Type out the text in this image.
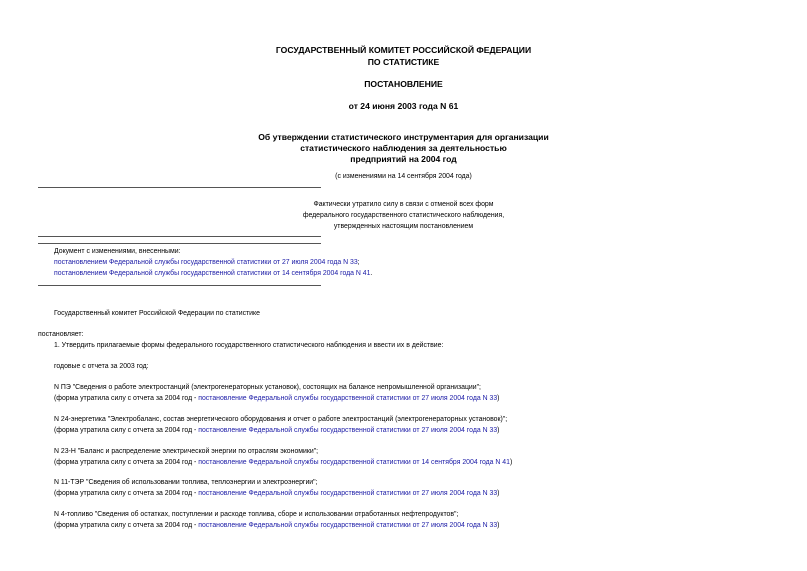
ГОСУДАРСТВЕННЫЙ КОМИТЕТ РОССИЙСКОЙ ФЕДЕРАЦИИ
ПО СТАТИСТИКЕ
ПОСТАНОВЛЕНИЕ
от 24 июня 2003 года N 61
Об утверждении статистического инструментария для организации
статистического наблюдения за деятельностью
предприятий на 2004 год
(с изменениями на 14 сентября 2004 года)
Фактически утратило силу в связи с отменой всех форм
федерального государственного статистического наблюдения,
утвержденных настоящим постановлением
Документ с изменениями, внесенными:
постановлением Федеральной службы государственной статистики от 27 июля 2004 года N 33;
постановлением Федеральной службы государственной статистики от 14 сентября 2004 года N 41.
Государственный комитет Российской Федерации по статистике
постановляет:
1. Утвердить прилагаемые формы федерального государственного статистического наблюдения и ввести их в действие:
годовые с отчета за 2003 год:
N ПЭ "Сведения о работе электростанций (электрогенераторных установок), состоящих на балансе непромышленной организации";
(форма утратила силу с отчета за 2004 год - постановление Федеральной службы государственной статистики от 27 июля 2004 года N 33)
N 24-энергетика "Электробаланс, состав энергетического оборудования и отчет о работе электростанций (электрогенераторных установок)";
(форма утратила силу с отчета за 2004 год - постановление Федеральной службы государственной статистики от 27 июля 2004 года N 33)
N 23-Н "Баланс и распределение электрической энергии по отраслям экономики";
(форма утратила силу с отчета за 2004 год - постановление Федеральной службы государственной статистики от 14 сентября 2004 года N 41)
N 11-ТЭР "Сведения об использовании топлива, теплоэнергии и электроэнергии";
(форма утратила силу с отчета за 2004 год - постановление Федеральной службы государственной статистики от 27 июля 2004 года N 33)
N 4-топливо "Сведения об остатках, поступлении и расходе топлива, сборе и использовании отработанных нефтепродуктов";
(форма утратила силу с отчета за 2004 год - постановление Федеральной службы государственной статистики от 27 июля 2004 года N 33)
